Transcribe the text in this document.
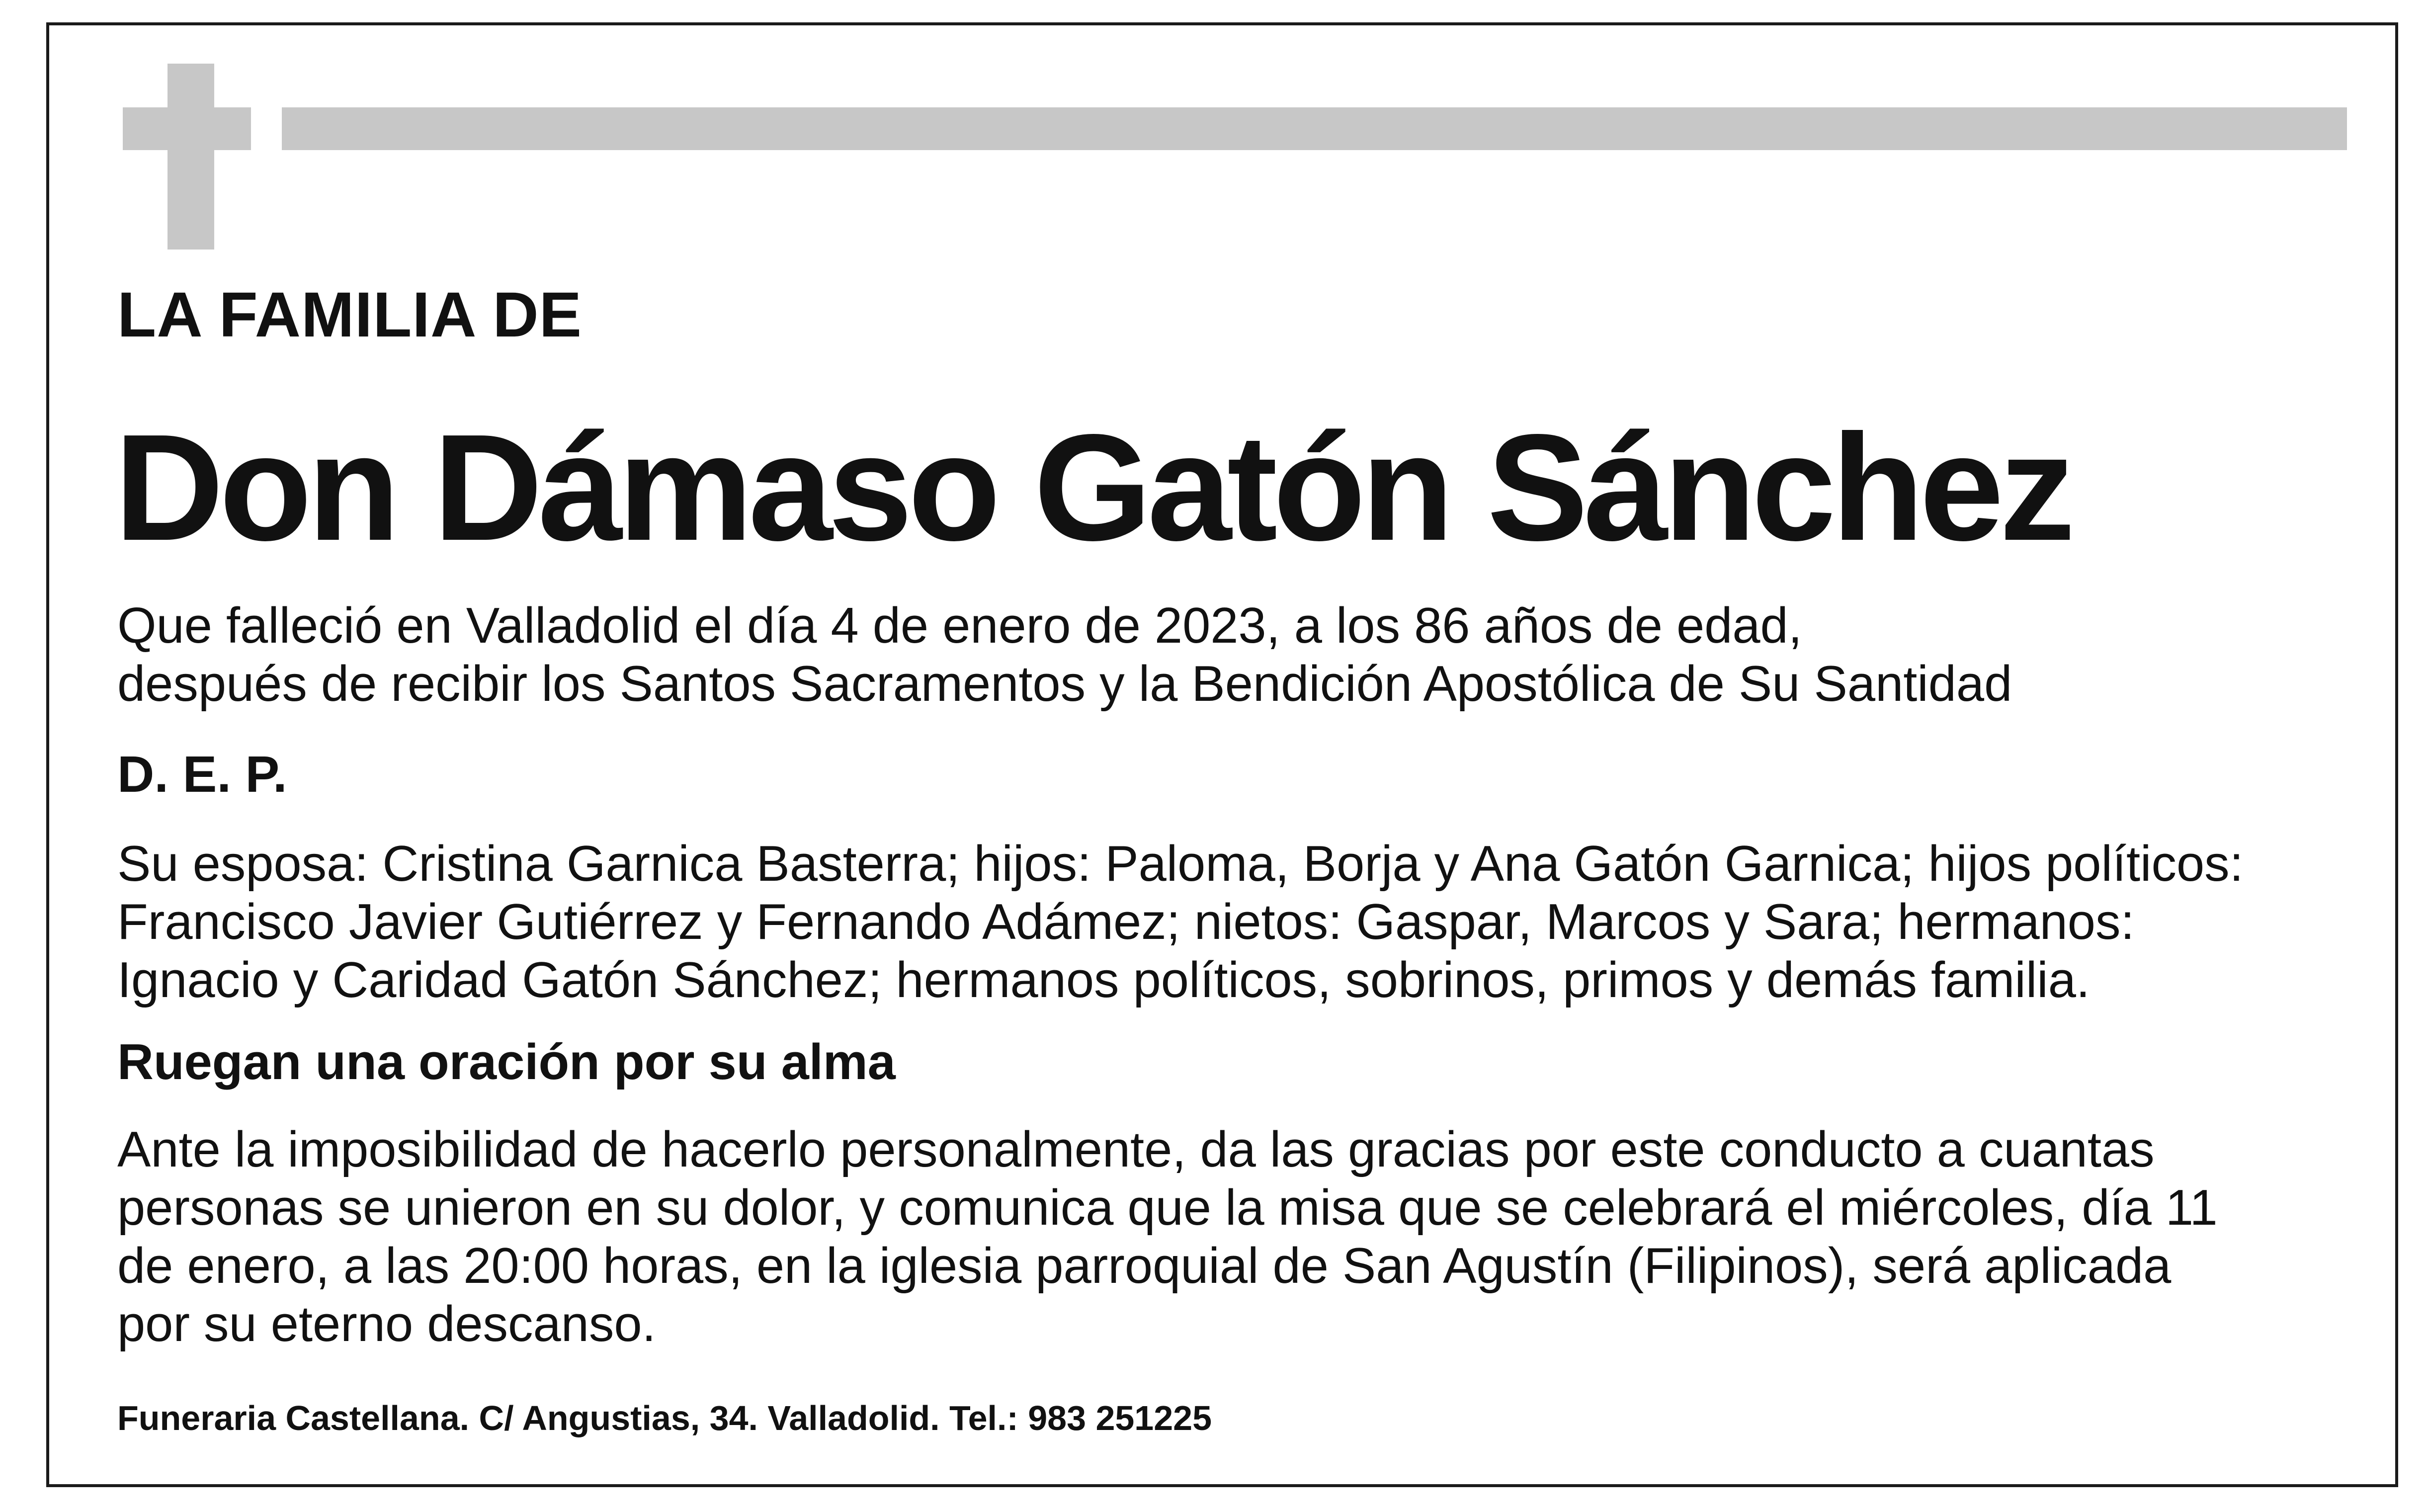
LA FAMILIA DE
Don Dámaso Gatón Sánchez
Que falleció en Valladolid el día 4 de enero de 2023, a los 86 años de edad,
después de recibir los Santos Sacramentos y la Bendición Apostólica de Su Santidad
D. E. P.
Su esposa: Cristina Garnica Basterra; hijos: Paloma, Borja y Ana Gatón Garnica; hijos políticos:
Francisco Javier Gutiérrez y Fernando Adámez; nietos: Gaspar, Marcos y Sara; hermanos:
Ignacio y Caridad Gatón Sánchez; hermanos políticos, sobrinos, primos y demás familia.
Ruegan una oración por su alma
Ante la imposibilidad de hacerlo personalmente, da las gracias por este conducto a cuantas
personas se unieron en su dolor, y comunica que la misa que se celebrará el miércoles, día 11
de enero, a las 20:00 horas, en la iglesia parroquial de San Agustín (Filipinos), será aplicada
por su eterno descanso.
Funeraria Castellana. C/ Angustias, 34. Valladolid. Tel.: 983 251225
